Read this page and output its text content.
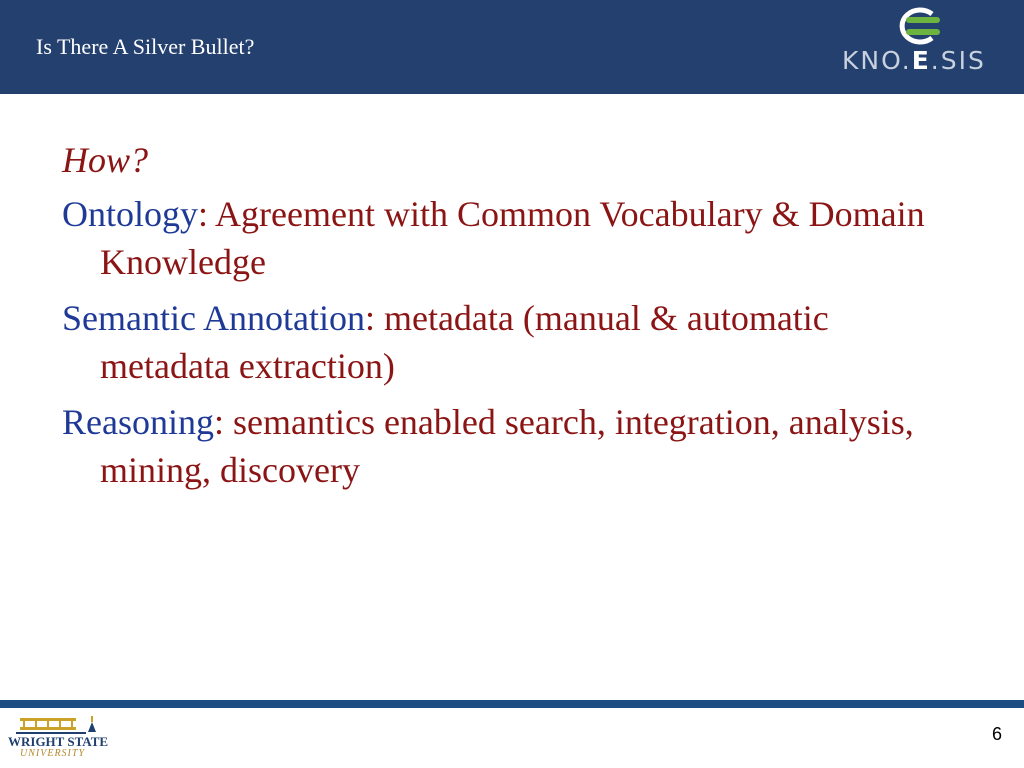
Is There A Silver Bullet?	KNO.E.SIS

How?

Ontology: Agreement with Common Vocabulary & Domain Knowledge

Semantic Annotation: metadata (manual & automatic metadata extraction)

Reasoning: semantics enabled search, integration, analysis, mining, discovery

WRIGHT STATE
UNIVERSITY
6
